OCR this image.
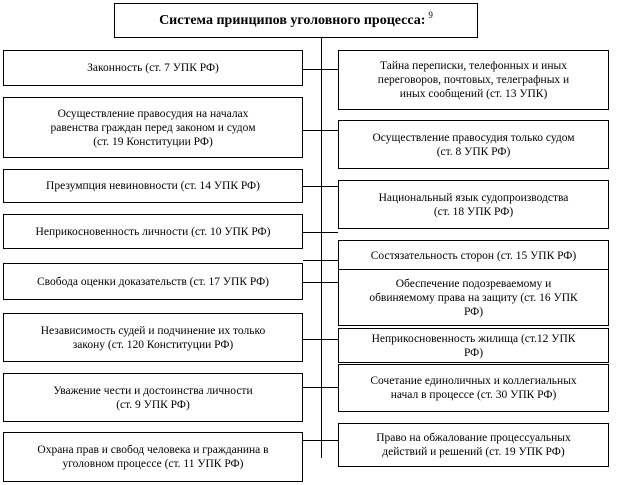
Система принципов уголовного процесса: $^9$
Законность (ст. 7 УПК РФ)
Осуществление правосудия на началах
равенства граждан перед законом и судом
(ст. 19 Конституции РФ)
Презумпция невиновности (ст. 14 УПК РФ)
Неприкосновенность личности (ст. 10 УПК РФ)
Свобода оценки доказательств (ст. 17 УПК РФ)
Независимость судей и подчинение их только
закону (ст. 120 Конституции РФ)
Уважение чести и достоинства личности
(ст. 9 УПК РФ)
Охрана прав и свобод человека и гражданина в
уголовном процессе (ст. 11 УПК РФ)
Тайна переписки, телефонных и иных
переговоров, почтовых, телеграфных и
иных сообщений (ст. 13 УПК)
Осуществление правосудия только судом
(ст. 8 УПК РФ)
Национальный язык судопроизводства
(ст. 18 УПК РФ)
Состязательность сторон (ст. 15 УПК РФ)
Обеспечение подозреваемому и
обвиняемому права на защиту (ст. 16 УПК
РФ)
Неприкосновенность жилища (ст.12 УПК
РФ)
Сочетание единоличных и коллегиальных
начал в процессе (ст. 30 УПК РФ)
Право на обжалование процессуальных
действий и решений (ст. 19 УПК РФ)
